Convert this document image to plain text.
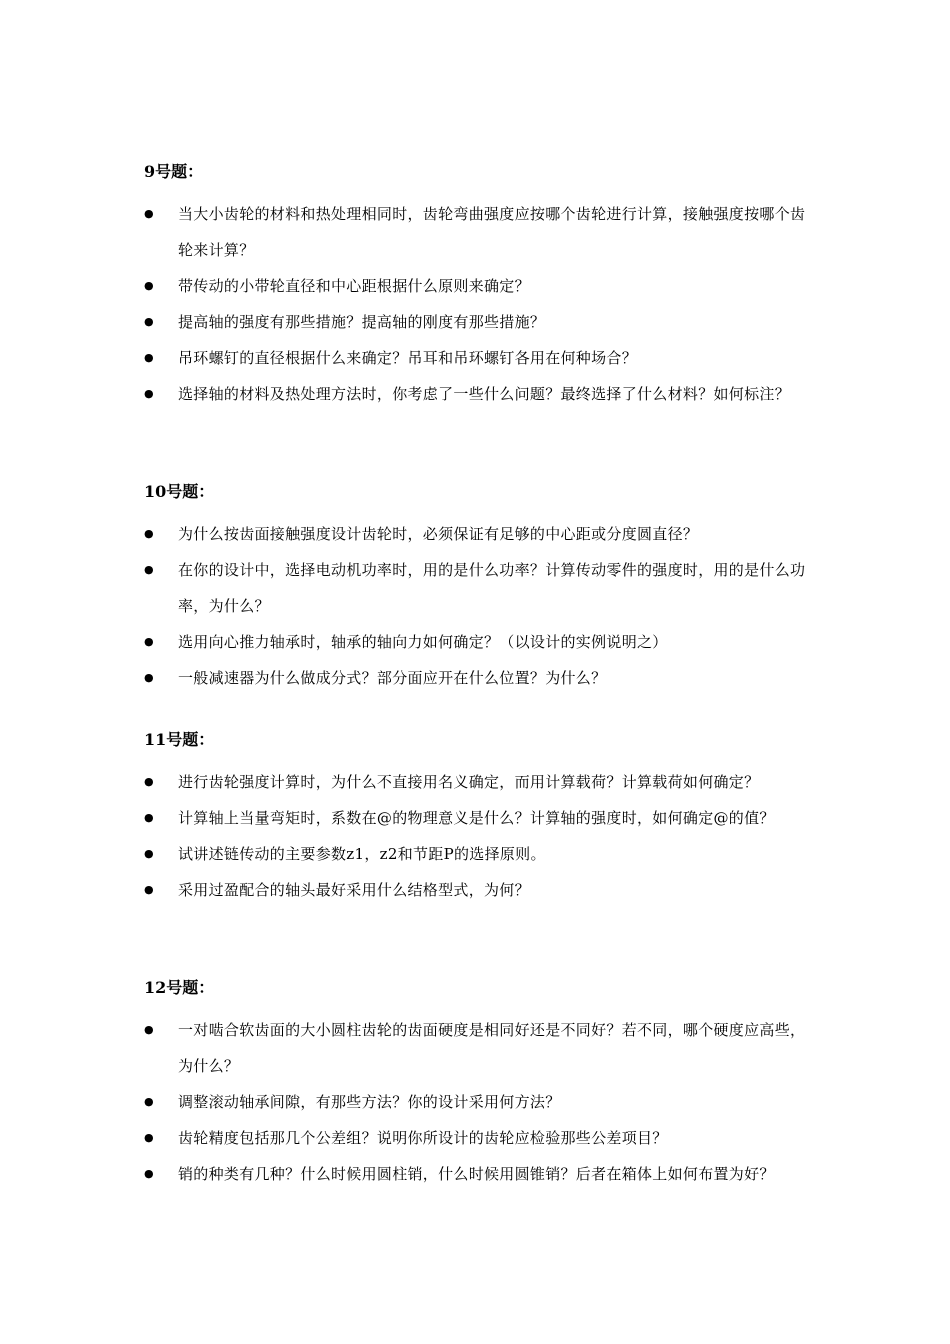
9号题：
● 当大小齿轮的材料和热处理相同时，齿轮弯曲强度应按哪个齿轮进行计算，接触强度按哪个齿轮来计算？
● 带传动的小带轮直径和中心距根据什么原则来确定？
● 提高轴的强度有那些措施？提高轴的刚度有那些措施？
● 吊环螺钉的直径根据什么来确定？吊耳和吊环螺钉各用在何种场合？
● 选择轴的材料及热处理方法时，你考虑了一些什么问题？最终选择了什么材料？如何标注？
10号题：
● 为什么按齿面接触强度设计齿轮时，必须保证有足够的中心距或分度圆直径？
● 在你的设计中，选择电动机功率时，用的是什么功率？计算传动零件的强度时，用的是什么功率，为什么？
● 选用向心推力轴承时，轴承的轴向力如何确定？（以设计的实例说明之）
● 一般减速器为什么做成分式？部分面应开在什么位置？为什么？
11号题：
● 进行齿轮强度计算时，为什么不直接用名义确定，而用计算载荷？计算载荷如何确定？
● 计算轴上当量弯矩时，系数在@的物理意义是什么？计算轴的强度时，如何确定@的值？
● 试讲述链传动的主要参数z1，z2和节距P的选择原则。
● 采用过盈配合的轴头最好采用什么结格型式，为何？
12号题：
● 一对啮合软齿面的大小圆柱齿轮的齿面硬度是相同好还是不同好？若不同，哪个硬度应高些，为什么？
● 调整滚动轴承间隙，有那些方法？你的设计采用何方法？
● 齿轮精度包括那几个公差组？说明你所设计的齿轮应检验那些公差项目？
● 销的种类有几种？什么时候用圆柱销，什么时候用圆锥销？后者在箱体上如何布置为好？
